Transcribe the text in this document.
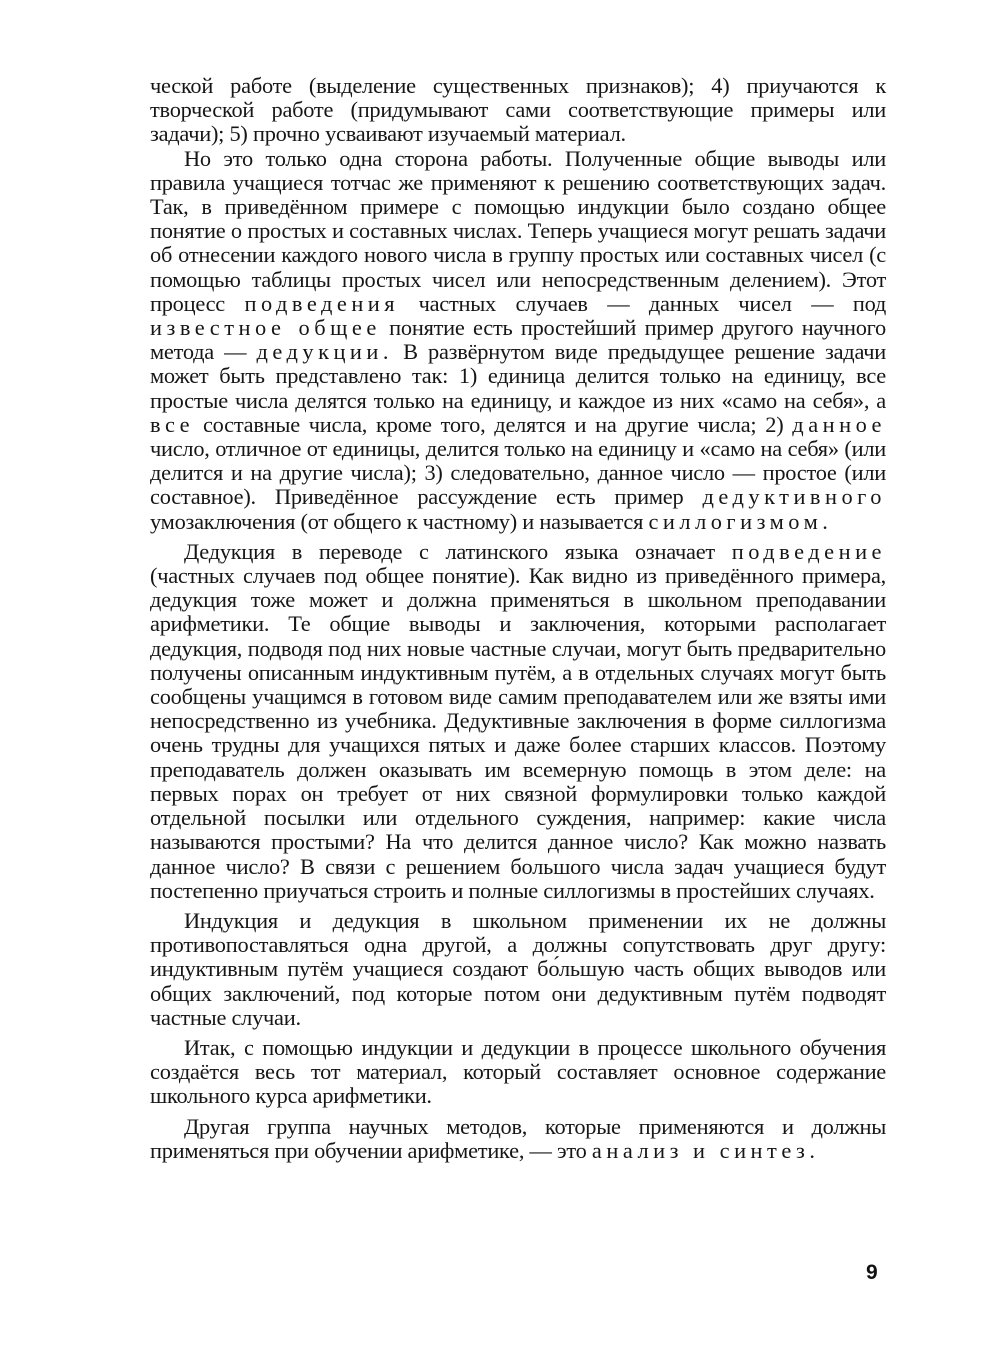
ческой работе (выделение существенных признаков); 4) приучаются к творческой работе (придумывают сами соответствующие примеры или задачи); 5) прочно усваивают изучаемый материал.

Но это только одна сторона работы. Полученные общие выводы или правила учащиеся тотчас же применяют к решению соответствующих задач. Так, в приведённом примере с помощью индукции было создано общее понятие о простых и составных числах. Теперь учащиеся могут решать задачи об отнесении каждого нового числа в группу простых или составных чисел (с помощью таблицы простых чисел или непосредственным делением). Этот процесс подведения частных случаев — данных чисел — под известное общее понятие есть простейший пример другого научного метода — дедукции. В развёрнутом виде предыдущее решение задачи может быть представлено так: 1) единица делится только на единицу, все простые числа делятся только на единицу, и каждое из них «само на себя», а все составные числа, кроме того, делятся и на другие числа; 2) данное число, отличное от единицы, делится только на единицу и «само на себя» (или делится и на другие числа); 3) следовательно, данное число — простое (или составное). Приведённое рассуждение есть пример дедуктивного умозаключения (от общего к частному) и называется силлогизмом.

Дедукция в переводе с латинского языка означает подведение (частных случаев под общее понятие). Как видно из приведённого примера, дедукция тоже может и должна применяться в школьном преподавании арифметики. Те общие выводы и заключения, которыми располагает дедукция, подводя под них новые частные случаи, могут быть предварительно получены описанным индуктивным путём, а в отдельных случаях могут быть сообщены учащимся в готовом виде самим преподавателем или же взяты ими непосредственно из учебника. Дедуктивные заключения в форме силлогизма очень трудны для учащихся пятых и даже более старших классов. Поэтому преподаватель должен оказывать им всемерную помощь в этом деле: на первых порах он требует от них связной формулировки только каждой отдельной посылки или отдельного суждения, например: какие числа называются простыми? На что делится данное число? Как можно назвать данное число? В связи с решением большого числа задач учащиеся будут постепенно приучаться строить и полные силлогизмы в простейших случаях.

Индукция и дедукция в школьном применении их не должны противопоставляться одна другой, а должны сопутствовать друг другу: индуктивным путём учащиеся создают бо́льшую часть общих выводов или общих заключений, под которые потом они дедуктивным путём подводят частные случаи.

Итак, с помощью индукции и дедукции в процессе школьного обучения создаётся весь тот материал, который составляет основное содержание школьного курса арифметики.

Другая группа научных методов, которые применяются и должны применяться при обучении арифметике, — это анализ и синтез.

9
